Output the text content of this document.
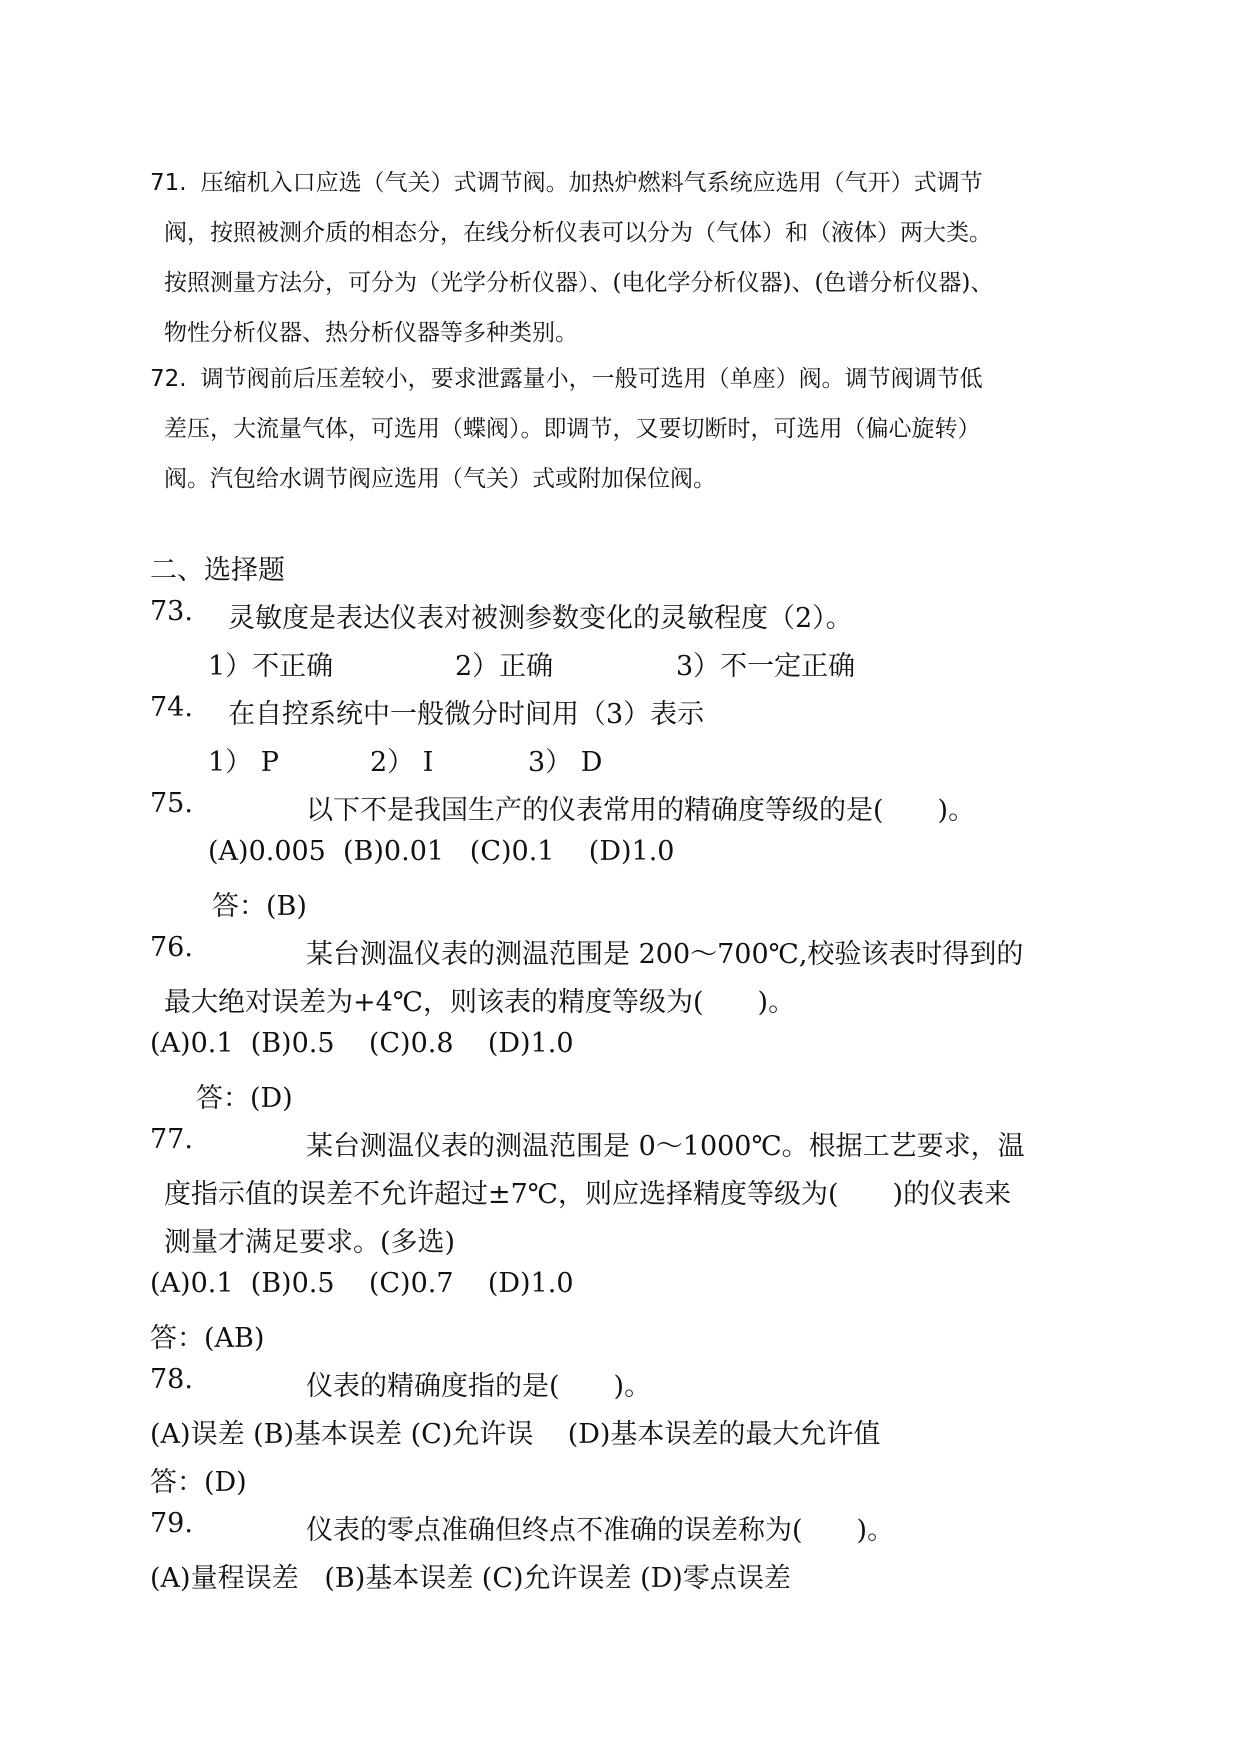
71. 压缩机入口应选（气关）式调节阀。加热炉燃料气系统应选用（气开）式调节
阀，按照被测介质的相态分，在线分析仪表可以分为（气体）和（液体）两大类。
按照测量方法分，可分为（光学分析仪器）、(电化学分析仪器)、(色谱分析仪器)、
物性分析仪器、热分析仪器等多种类别。
72. 调节阀前后压差较小，要求泄露量小，一般可选用（单座）阀。调节阀调节低
差压，大流量气体，可选用（蝶阀）。即调节，又要切断时，可选用（偏心旋转）
阀。汽包给水调节阀应选用（气关）式或附加保位阀。
二、选择题
73. 灵敏度是表达仪表对被测参数变化的灵敏程度（2）。
1）不正确	2）正确	3）不一定正确
74. 在自控系统中一般微分时间用（3）表示
1） P	2） I	3） D
75.	以下不是我国生产的仪表常用的精确度等级的是(　　)。
(A)0.005  (B)0.01   (C)0.1    (D)1.0
答：(B)
76.	某台测温仪表的测温范围是 200～700℃,校验该表时得到的
最大绝对误差为+4℃，则该表的精度等级为(　　)。
(A)0.1  (B)0.5    (C)0.8    (D)1.0
答：(D)
77.	某台测温仪表的测温范围是 0～1000℃。根据工艺要求，温
度指示值的误差不允许超过±7℃，则应选择精度等级为(　　)的仪表来
测量才满足要求。(多选)
(A)0.1  (B)0.5    (C)0.7    (D)1.0
答：(AB)
78.	仪表的精确度指的是(　　)。
(A)误差 (B)基本误差 (C)允许误    (D)基本误差的最大允许值
答：(D)
79.	仪表的零点准确但终点不准确的误差称为(　　)。
(A)量程误差   (B)基本误差 (C)允许误差 (D)零点误差
